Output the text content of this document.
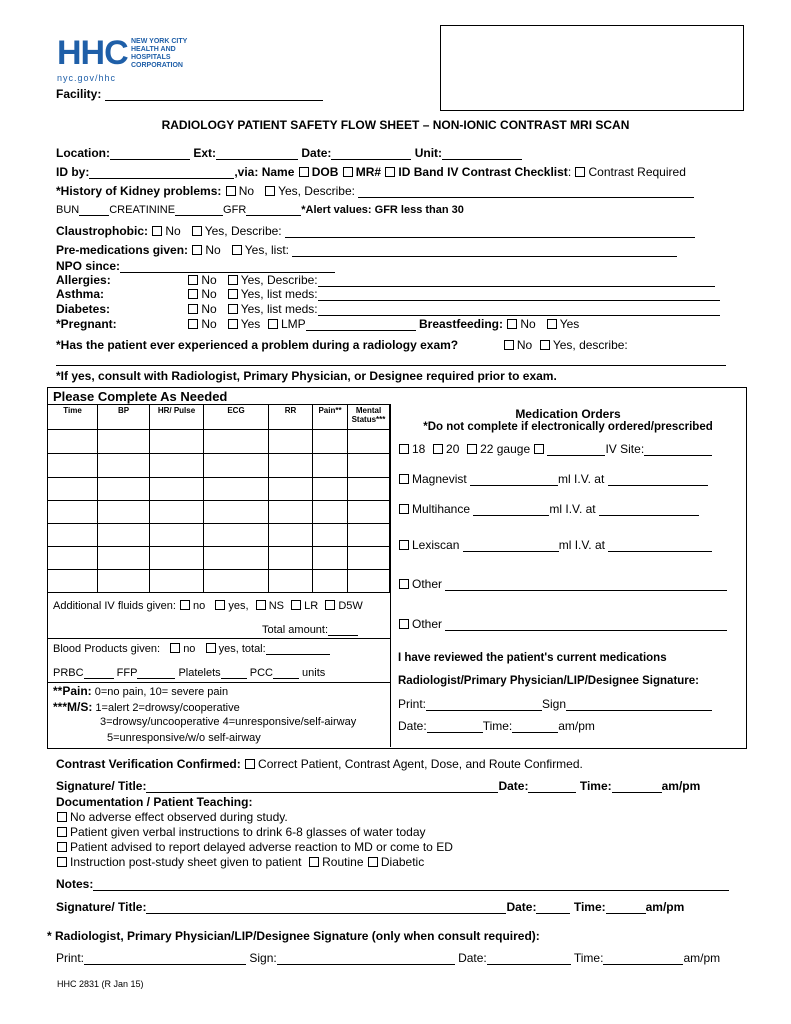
HHC NEW YORK CITY
HEALTH AND
HOSPITALS
CORPORATION
nyc.gov/hhc
Facility:
RADIOLOGY PATIENT SAFETY FLOW SHEET – NON-IONIC CONTRAST MRI SCAN
Location:	Ext:	Date:	Unit:
ID by:	,via: Name DOB MR# ID Band IV Contrast Checklist: Contrast Required
*History of Kidney problems: No Yes, Describe:
BUN	CREATININE	GFR	*Alert values: GFR less than 30
Claustrophobic: No Yes, Describe:
Pre-medications given: No Yes, list:
NPO since:
Allergies:	No Yes, Describe:
Asthma:	No Yes, list meds:
Diabetes:	No Yes, list meds:
*Pregnant:	No Yes LMP	Breastfeeding: No Yes
*Has the patient ever experienced a problem during a radiology exam?	No Yes, describe:
*If yes, consult with Radiologist, Primary Physician, or Designee required prior to exam.
Please Complete As Needed
Time	BP	HR/ Pulse	ECG	RR	Pain**	Mental Status***

Additional IV fluids given: no yes, NS LR D5W
Total amount:
Blood Products given: no yes, total:
PRBC	FFP	Platelets	PCC	units
**Pain: 0=no pain, 10= severe pain
***M/S: 1=alert 2=drowsy/cooperative
3=drowsy/uncooperative 4=unresponsive/self-airway
5=unresponsive/w/o self-airway
Medication Orders
*Do not complete if electronically ordered/prescribed
18 20 22 gauge	IV Site:
Magnevist	ml I.V. at
Multihance	ml I.V. at
Lexiscan	ml I.V. at
Other
Other
I have reviewed the patient's current medications
Radiologist/Primary Physician/LIP/Designee Signature:
Print:	Sign
Date:	Time:	am/pm
Contrast Verification Confirmed: Correct Patient, Contrast Agent, Dose, and Route Confirmed.
Signature/ Title:	Date:	Time:	am/pm
Documentation / Patient Teaching:
No adverse effect observed during study.
Patient given verbal instructions to drink 6-8 glasses of water today
Patient advised to report delayed adverse reaction to MD or come to ED
Instruction post-study sheet given to patient Routine Diabetic
Notes:
Signature/ Title:	Date:	Time:	am/pm
* Radiologist, Primary Physician/LIP/Designee Signature (only when consult required):
Print:	Sign:	Date:	Time:	am/pm
HHC 2831 (R Jan 15)
